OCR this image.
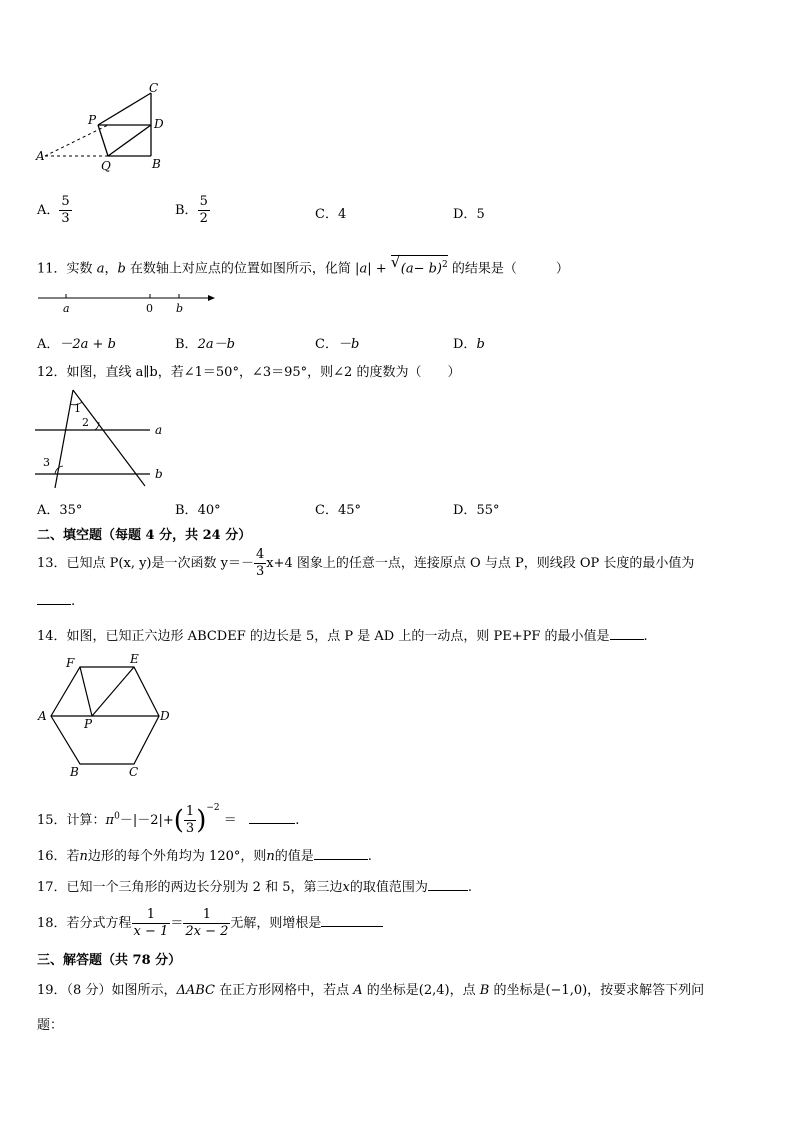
C
P	D
A
Q	B
A． $\frac{5}{3}$	B． $\frac{5}{2}$	C．4	D．5
11．实数 a，b 在数轴上对应点的位置如图所示，化简 |a| + √ $(a- b)^2$ 的结果是（　　　）
a	0 b
A．－2a + b	B．2a－b	C．－b	D．b
12．如图，直线 a∥b，若∠1＝50°，∠3＝95°，则∠2 的度数为（　　）
1
2
a
3
b
A．35°	B．40°	C．45°	D．55°
二、填空题（每题 4 分，共 24 分）
13．已知点 P(x, y)是一次函数 $y=- \frac{4}{3} x+4$ 图象上的任意一点，连接原点 O 与点 P，则线段 OP 长度的最小值为
.
14．如图，已知正六边形 ABCDEF 的边长是 5，点 P 是 AD 上的一动点，则 PE+PF 的最小值是	.
F	E
A
P
D
B	C
15．计算：$\pi^0-|-2|+( \frac{1}{3} )^{-2}$ ＝	.
16．若n边形的每个外角均为 120°，则n的值是	.
17．已知一个三角形的两边长分别为 2 和 5，第三边x的取值范围为	.
18．若分式方程 $\frac{1}{x - 1} = \frac{1}{2x - 2}$ 无解，则增根是
三、解答题（共 78 分）
19．（8 分）如图所示，ΔABC 在正方形网格中，若点 A 的坐标是(2,4)，点 B 的坐标是(−1,0)，按要求解答下列问
题：
